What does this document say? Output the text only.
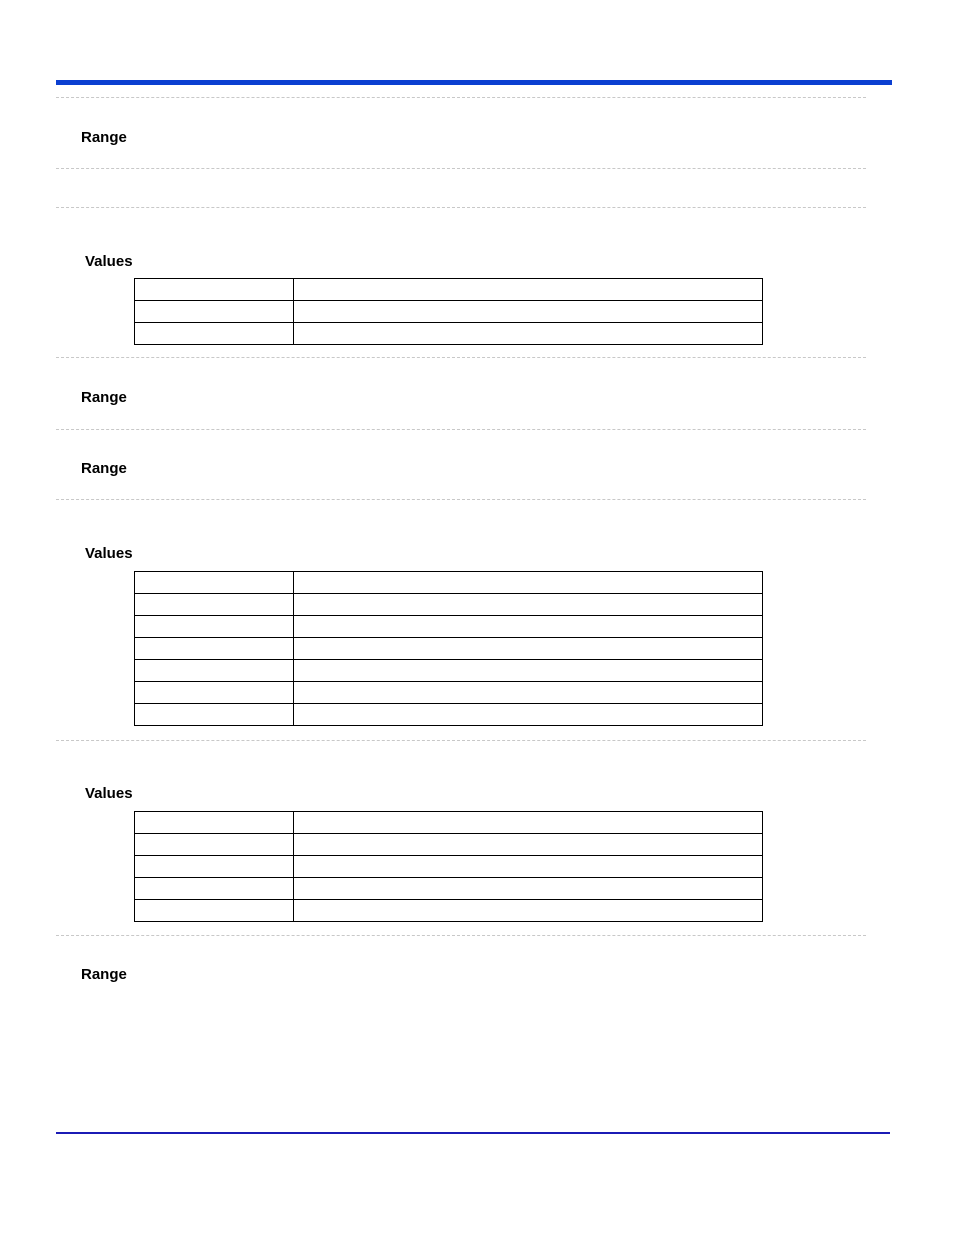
Range
Values

Range
Range
Values

Values

Range
